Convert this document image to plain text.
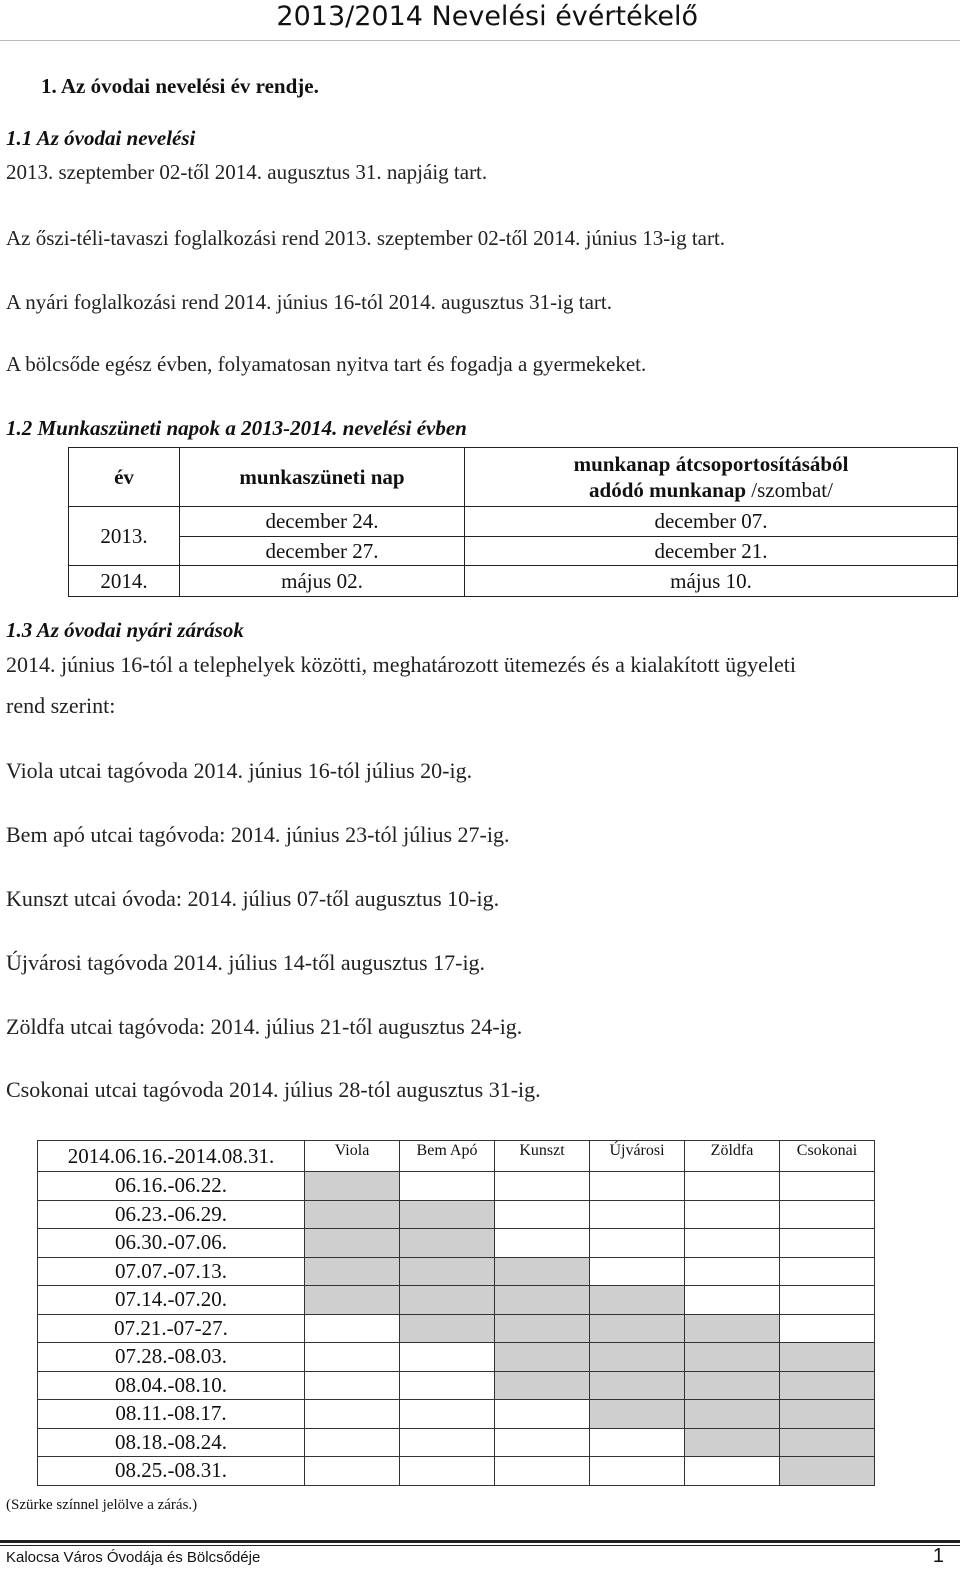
2013/2014 Nevelési évértékelő
1. Az óvodai nevelési év rendje.
1.1 Az óvodai nevelési
2013. szeptember 02-től 2014. augusztus 31. napjáig tart.
Az őszi-téli-tavaszi foglalkozási rend 2013. szeptember 02-től 2014. június 13-ig tart.
A nyári foglalkozási rend 2014. június 16-tól 2014. augusztus 31-ig tart.
A bölcsőde egész évben, folyamatosan nyitva tart és fogadja a gyermekeket.
1.2 Munkaszüneti napok a 2013-2014. nevelési évben
év	munkaszüneti nap	munkanap átcsoportosításából
adódó munkanap /szombat/
2013.	december 24.	december 07.
	december 27.	december 21.
2014.	május 02.	május 10.
1.3 Az óvodai nyári zárások
2014. június 16-tól a telephelyek közötti, meghatározott ütemezés és a kialakított ügyeleti
rend szerint:
Viola utcai tagóvoda 2014. június 16-tól július 20-ig.
Bem apó utcai tagóvoda: 2014. június 23-tól július 27-ig.
Kunszt utcai óvoda: 2014. július 07-től augusztus 10-ig.
Újvárosi tagóvoda 2014. július 14-től augusztus 17-ig.
Zöldfa utcai tagóvoda: 2014. július 21-től augusztus 24-ig.
Csokonai utcai tagóvoda 2014. július 28-tól augusztus 31-ig.
2014.06.16.-2014.08.31.	Viola	Bem Apó	Kunszt	Újvárosi	Zöldfa	Csokonai
06.16.-06.22.						
06.23.-06.29.						
06.30.-07.06.						
07.07.-07.13.						
07.14.-07.20.						
07.21.-07-27.						
07.28.-08.03.						
08.04.-08.10.						
08.11.-08.17.						
08.18.-08.24.						
08.25.-08.31.						
(Szürke színnel jelölve a zárás.)
Kalocsa Város Óvodája és Bölcsődéje	1
